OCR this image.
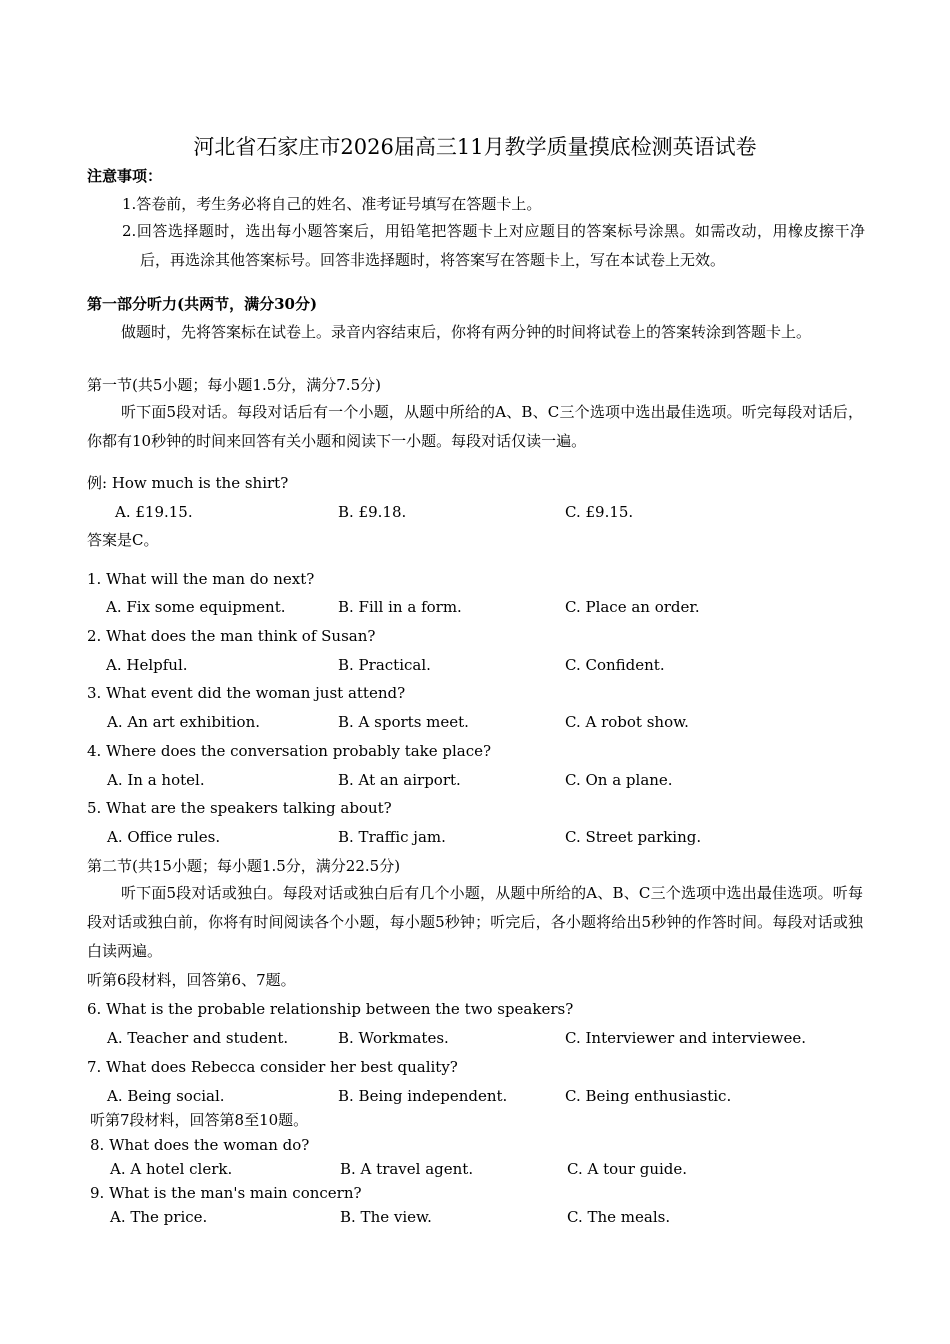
河北省石家庄市2026届高三11月教学质量摸底检测英语试卷
注意事项：
1.答卷前，考生务必将自己的姓名、准考证号填写在答题卡上。
2.回答选择题时，选出每小题答案后，用铅笔把答题卡上对应题目的答案标号涂黑。如需改动，用橡皮擦干净后，再选涂其他答案标号。回答非选择题时，将答案写在答题卡上，写在本试卷上无效。
第一部分听力(共两节，满分30分)
做题时，先将答案标在试卷上。录音内容结束后，你将有两分钟的时间将试卷上的答案转涂到答题卡上。
第一节(共5小题；每小题1.5分，满分7.5分)
听下面5段对话。每段对话后有一个小题，从题中所给的A、B、C三个选项中选出最佳选项。听完每段对话后，你都有10秒钟的时间来回答有关小题和阅读下一小题。每段对话仅读一遍。
例: How much is the shirt?
A. £19.15.	B. £9.18.	C. £9.15.
答案是C。
1. What will the man do next?
A. Fix some equipment.	B. Fill in a form.	C. Place an order.
2. What does the man think of Susan?
A. Helpful.	B. Practical.	C. Confident.
3. What event did the woman just attend?
A. An art exhibition.	B. A sports meet.	C. A robot show.
4. Where does the conversation probably take place?
A. In a hotel.	B. At an airport.	C. On a plane.
5. What are the speakers talking about?
A. Office rules.	B. Traffic jam.	C. Street parking.
第二节(共15小题；每小题1.5分，满分22.5分)
听下面5段对话或独白。每段对话或独白后有几个小题，从题中所给的A、B、C三个选项中选出最佳选项。听每段对话或独白前，你将有时间阅读各个小题，每小题5秒钟；听完后，各小题将给出5秒钟的作答时间。每段对话或独白读两遍。
听第6段材料，回答第6、7题。
6. What is the probable relationship between the two speakers?
A. Teacher and student.	B. Workmates.	C. Interviewer and interviewee.
7. What does Rebecca consider her best quality?
A. Being social.	B. Being independent.	C. Being enthusiastic.
听第7段材料，回答第8至10题。
8. What does the woman do?
A. A hotel clerk.	B. A travel agent.	C. A tour guide.
9. What is the man's main concern?
A. The price.	B. The view.	C. The meals.
